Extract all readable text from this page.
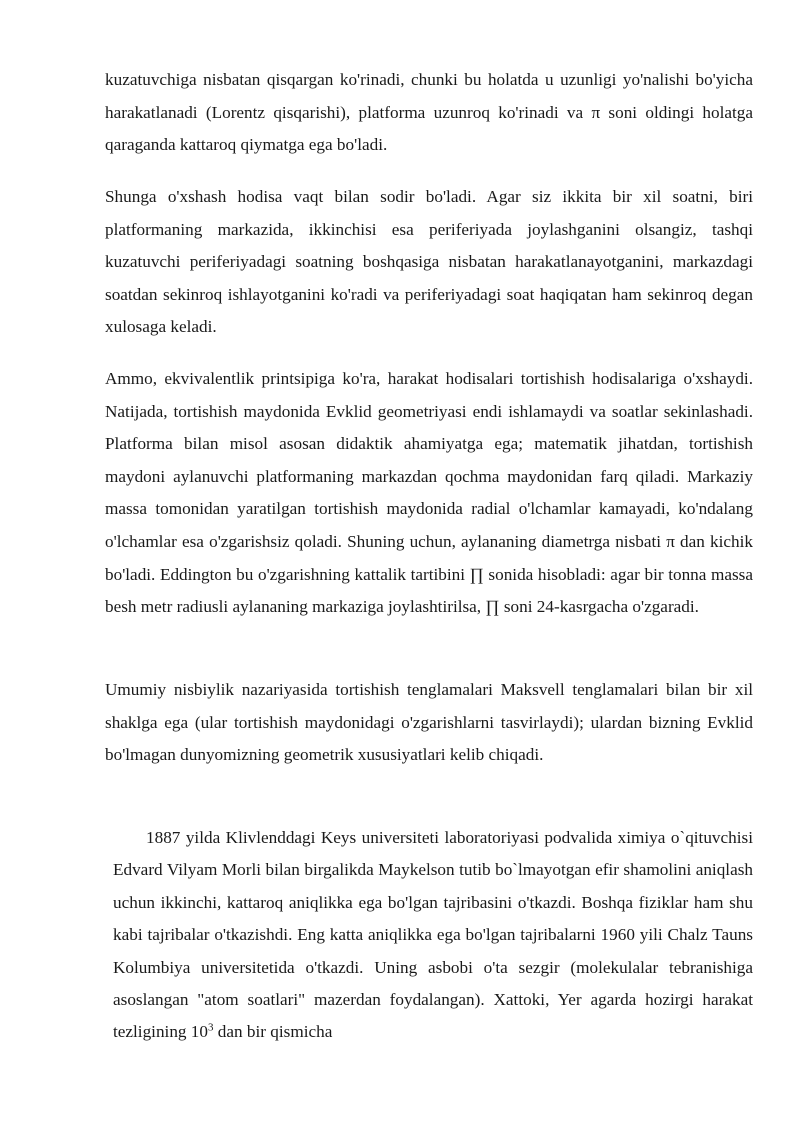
kuzatuvchiga nisbatan qisqargan ko'rinadi, chunki bu holatda u uzunligi yo'nalishi bo'yicha harakatlanadi (Lorentz qisqarishi), platforma uzunroq ko'rinadi va π soni oldingi holatga qaraganda kattaroq qiymatga ega bo'ladi.

Shunga o'xshash hodisa vaqt bilan sodir bo'ladi. Agar siz ikkita bir xil soatni, biri platformaning markazida, ikkinchisi esa periferiyada joylashganini olsangiz, tashqi kuzatuvchi periferiyadagi soatning boshqasiga nisbatan harakatlanayotganini, markazdagi soatdan sekinroq ishlayotganini ko'radi va periferiyadagi soat haqiqatan ham sekinroq degan xulosaga keladi.

Ammo, ekvivalentlik printsipiga ko'ra, harakat hodisalari tortishish hodisalariga o'xshaydi. Natijada, tortishish maydonida Evklid geometriyasi endi ishlamaydi va soatlar sekinlashadi. Platforma bilan misol asosan didaktik ahamiyatga ega; matematik jihatdan, tortishish maydoni aylanuvchi platformaning markazdan qochma maydonidan farq qiladi. Markaziy massa tomonidan yaratilgan tortishish maydonida radial o'lchamlar kamayadi, ko'ndalang o'lchamlar esa o'zgarishsiz qoladi. Shuning uchun, aylananing diametrga nisbati π dan kichik bo'ladi. Eddington bu o'zgarishning kattalik tartibini ∏ sonida hisobladi: agar bir tonna massa besh metr radiusli aylananing markaziga joylashtirilsa, ∏ soni 24-kasrgacha o'zgaradi.

Umumiy nisbiylik nazariyasida tortishish tenglamalari Maksvell tenglamalari bilan bir xil shaklga ega (ular tortishish maydonidagi o'zgarishlarni tasvirlaydi); ulardan bizning Evklid bo'lmagan dunyomizning geometrik xususiyatlari kelib chiqadi.

1887 yilda Klivlenddagi Keys universiteti laboratoriyasi podvalida ximiya o`qituvchisi Edvard Vilyam Morli bilan birgalikda Maykelson tutib bo`lmayotgan efir shamolini aniqlash uchun ikkinchi, kattaroq aniqlikka ega bo'lgan tajribasini o'tkazdi. Boshqa fiziklar ham shu kabi tajribalar o'tkazishdi. Eng katta aniqlikka ega bo'lgan tajribalarni 1960 yili Chalz Tauns Kolumbiya universitetida o'tkazdi. Uning asbobi o'ta sezgir (molekulalar tebranishiga asoslangan "atom soatlari" mazerdan foydalangan). Xattoki, Yer agarda hozirgi harakat tezligining $10^3$ dan bir qismicha
